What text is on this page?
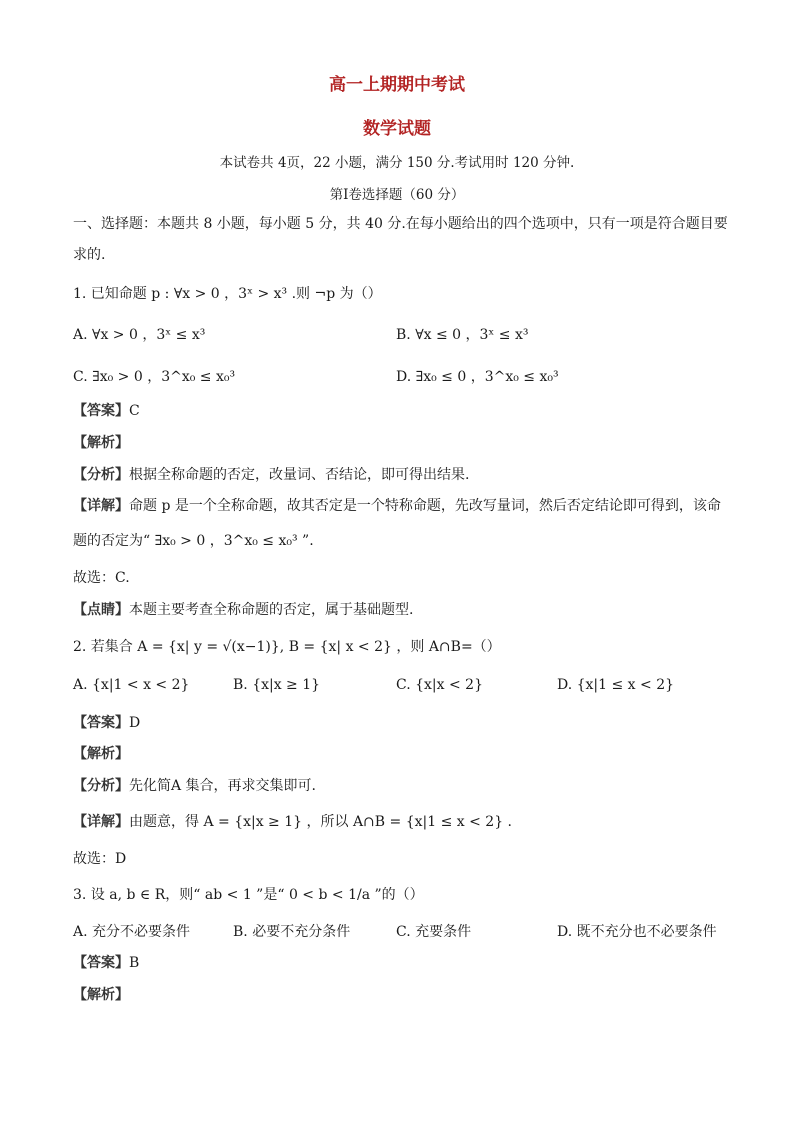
高一上期期中考试
数学试题
本试卷共 4页，22 小题，满分 150 分.考试用时 120 分钟.
第Ⅰ卷选择题（60 分）
一、选择题：本题共 8 小题，每小题 5 分，共 40 分.在每小题给出的四个选项中，只有一项是符合题目要
求的.
1. 已知命题 p : ∀x > 0 ，3ˣ > x³ .则 ¬p 为（）
A. ∀x > 0 ，3ˣ ≤ x³	B. ∀x ≤ 0 ，3ˣ ≤ x³
C. ∃x₀ > 0 ，3^x₀ ≤ x₀³	D. ∃x₀ ≤ 0 ，3^x₀ ≤ x₀³
【答案】C
【解析】
【分析】根据全称命题的否定，改量词、否结论，即可得出结果.
【详解】命题 p 是一个全称命题，故其否定是一个特称命题，先改写量词，然后否定结论即可得到，该命
题的否定为“ ∃x₀ > 0 ，3^x₀ ≤ x₀³ ”.
故选：C.
【点睛】本题主要考查全称命题的否定，属于基础题型.
2. 若集合 A = {x| y = √(x−1)}, B = {x| x < 2} ，则 A∩B=（）
A. {x|1 < x < 2}	B. {x|x ≥ 1}	C. {x|x < 2}	D. {x|1 ≤ x < 2}
【答案】D
【解析】
【分析】先化简A 集合，再求交集即可.
【详解】由题意，得 A = {x|x ≥ 1} ，所以 A∩B = {x|1 ≤ x < 2} .
故选：D
3. 设 a, b ∈ R，则“ ab < 1 ”是“ 0 < b < 1/a ”的（）
A. 充分不必要条件	B. 必要不充分条件	C. 充要条件	D. 既不充分也不必要条件
【答案】B
【解析】
